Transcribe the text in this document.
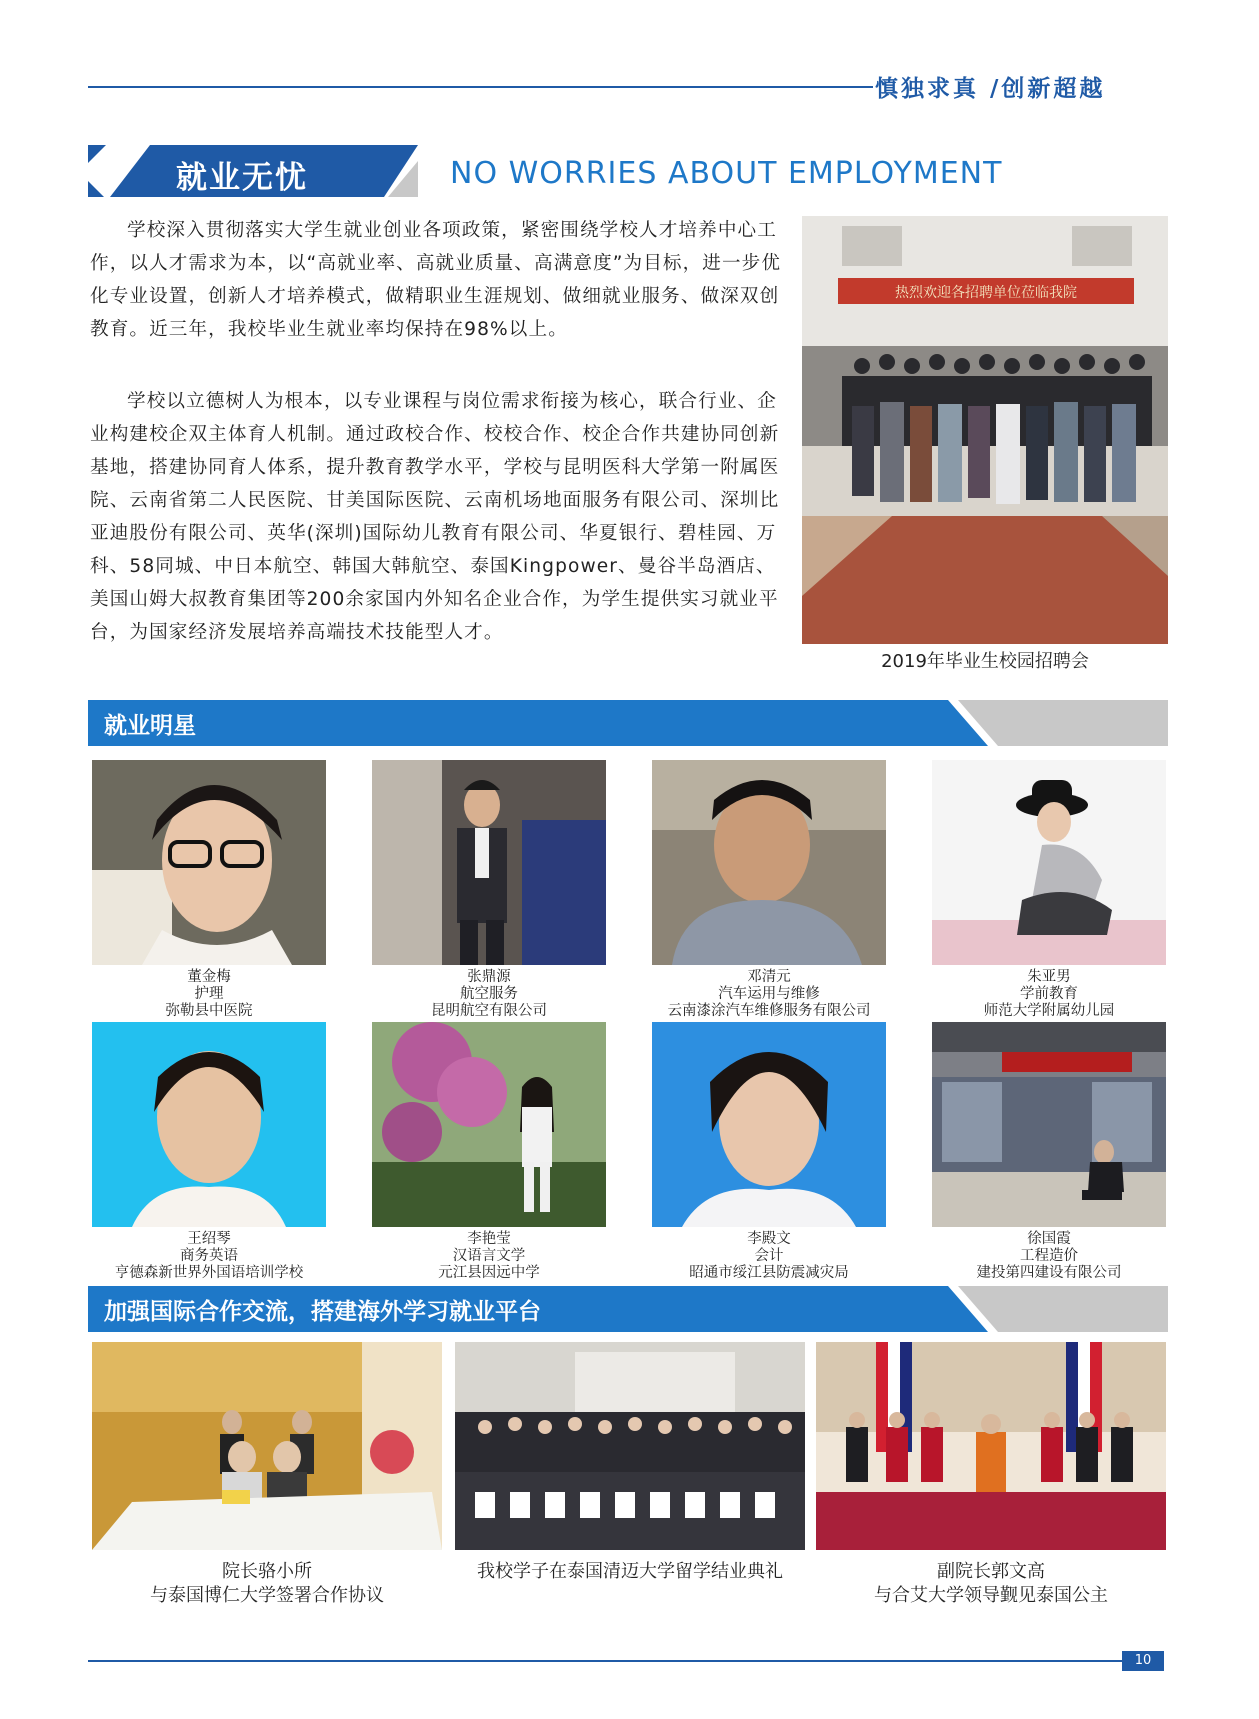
慎独求真 /创新超越
就业无忧	NO WORRIES ABOUT EMPLOYMENT
学校深入贯彻落实大学生就业创业各项政策，紧密围绕学校人才培养中心工作，以人才需求为本，以“高就业率、高就业质量、高满意度”为目标，进一步优化专业设置，创新人才培养模式，做精职业生涯规划、做细就业服务、做深双创教育。近三年，我校毕业生就业率均保持在98%以上。
学校以立德树人为根本，以专业课程与岗位需求衔接为核心，联合行业、企业构建校企双主体育人机制。通过政校合作、校校合作、校企合作共建协同创新基地，搭建协同育人体系，提升教育教学水平，学校与昆明医科大学第一附属医院、云南省第二人民医院、甘美国际医院、云南机场地面服务有限公司、深圳比亚迪股份有限公司、英华(深圳)国际幼儿教育有限公司、华夏银行、碧桂园、万科、58同城、中日本航空、韩国大韩航空、泰国Kingpower、曼谷半岛酒店、美国山姆大叔教育集团等200余家国内外知名企业合作，为学生提供实习就业平台，为国家经济发展培养高端技术技能型人才。
热烈欢迎各招聘单位莅临我院
2019年毕业生校园招聘会
就业明星
董金梅
护理
弥勒县中医院
张鼎源
航空服务
昆明航空有限公司
邓清元
汽车运用与维修
云南漆涂汽车维修服务有限公司
朱亚男
学前教育
师范大学附属幼儿园
王绍琴
商务英语
亨德森新世界外国语培训学校
李艳莹
汉语言文学
元江县因远中学
李殿文
会计
昭通市绥江县防震减灾局
徐国霞
工程造价
建投第四建设有限公司
加强国际合作交流，搭建海外学习就业平台
院长骆小所
与泰国博仁大学签署合作协议
我校学子在泰国清迈大学留学结业典礼	副院长郭文高
与合艾大学领导觐见泰国公主
10
